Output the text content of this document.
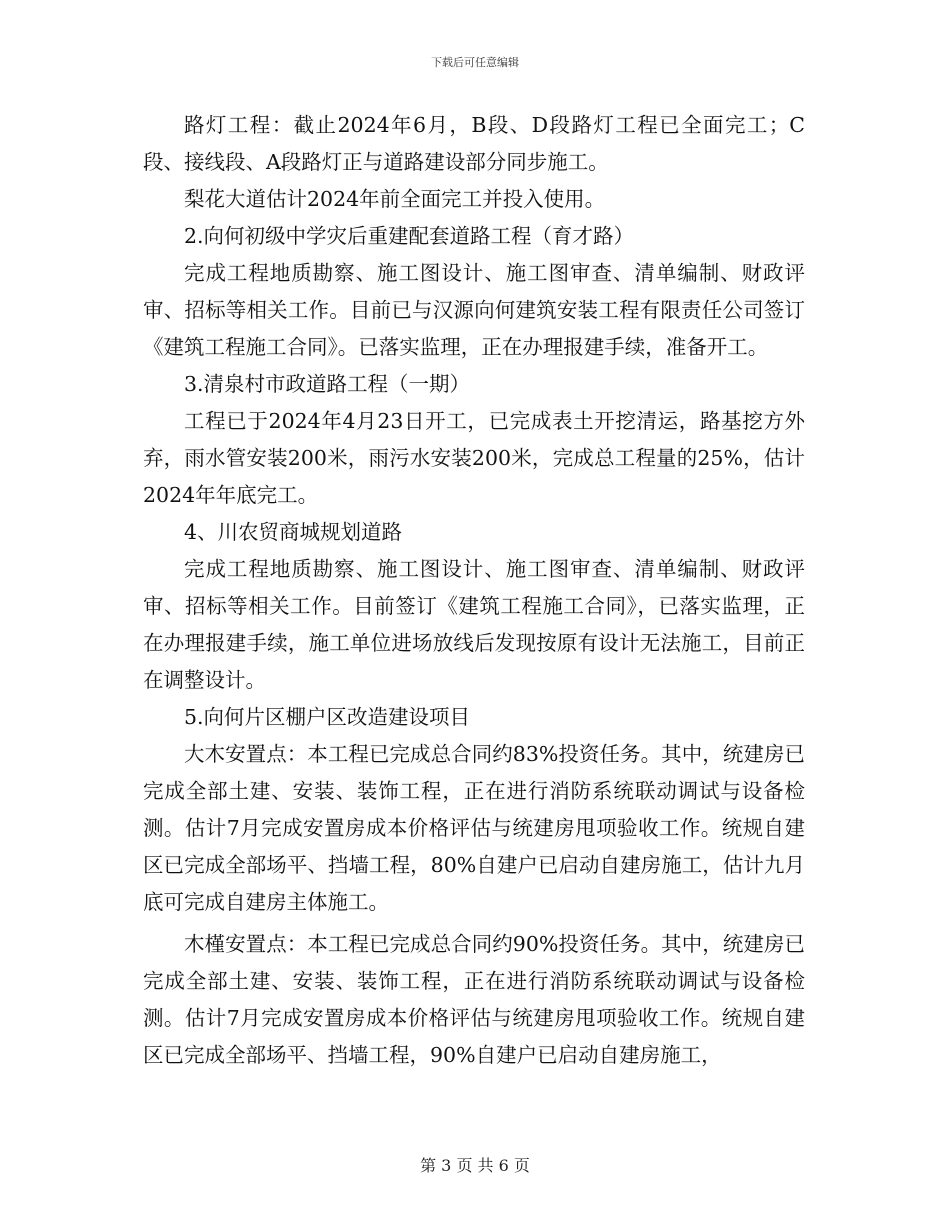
下载后可任意编辑

路灯工程：截止2024年6月，B段、D段路灯工程已全面完工；C段、接线段、A段路灯正与道路建设部分同步施工。

梨花大道估计2024年前全面完工并投入使用。

2.向何初级中学灾后重建配套道路工程（育才路）

完成工程地质勘察、施工图设计、施工图审查、清单编制、财政评审、招标等相关工作。目前已与汉源向何建筑安装工程有限责任公司签订《建筑工程施工合同》。已落实监理，正在办理报建手续，准备开工。

3.清泉村市政道路工程（一期）

工程已于2024年4月23日开工，已完成表土开挖清运，路基挖方外弃，雨水管安装200米，雨污水安装200米，完成总工程量的25%，估计2024年年底完工。

4、川农贸商城规划道路

完成工程地质勘察、施工图设计、施工图审查、清单编制、财政评审、招标等相关工作。目前签订《建筑工程施工合同》，已落实监理，正在办理报建手续，施工单位进场放线后发现按原有设计无法施工，目前正在调整设计。

5.向何片区棚户区改造建设项目

大木安置点：本工程已完成总合同约83%投资任务。其中，统建房已完成全部土建、安装、装饰工程，正在进行消防系统联动调试与设备检测。估计7月完成安置房成本价格评估与统建房甩项验收工作。统规自建区已完成全部场平、挡墙工程，80%自建户已启动自建房施工，估计九月底可完成自建房主体施工。

木槿安置点：本工程已完成总合同约90%投资任务。其中，统建房已完成全部土建、安装、装饰工程，正在进行消防系统联动调试与设备检测。估计7月完成安置房成本价格评估与统建房甩项验收工作。统规自建区已完成全部场平、挡墙工程，90%自建户已启动自建房施工，

第 3 页 共 6 页
